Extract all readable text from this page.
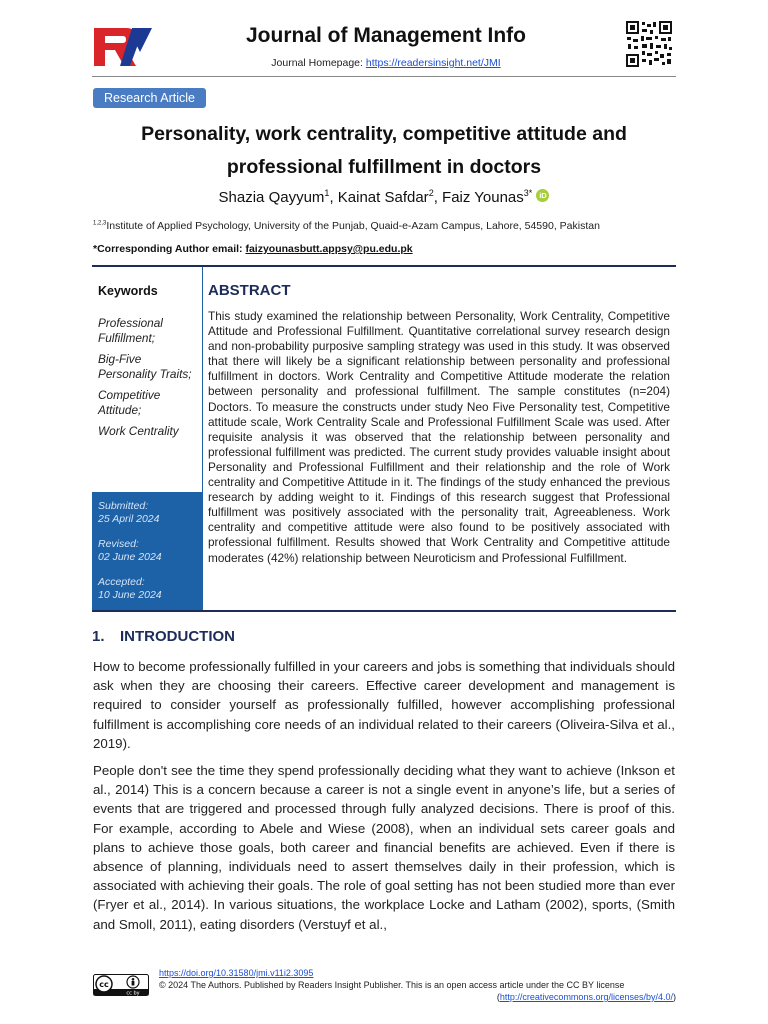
Journal of Management Info
Journal Homepage: https://readersinsight.net/JMI
Research Article
Personality, work centrality, competitive attitude and professional fulfillment in doctors
Shazia Qayyum$^1$, Kainat Safdar$^2$, Faiz Younas$^{3*}$ iD
$^{1,2,3}$Institute of Applied Psychology, University of the Punjab, Quaid-e-Azam Campus, Lahore, 54590, Pakistan
*Corresponding Author email: faizyounasbutt.appsy@pu.edu.pk
Keywords
Professional Fulfillment;
Big-Five Personality Traits;
Competitive Attitude;
Work Centrality
Submitted:
25 April 2024
Revised:
02 June 2024
Accepted:
10 June 2024
ABSTRACT
This study examined the relationship between Personality, Work Centrality, Competitive Attitude and Professional Fulfillment. Quantitative correlational survey research design and non-probability purposive sampling strategy was used in this study. It was observed that there will likely be a significant relationship between personality and professional fulfillment in doctors. Work Centrality and Competitive Attitude moderate the relation between personality and professional fulfillment. The sample constitutes (n=204) Doctors. To measure the constructs under study Neo Five Personality test, Competitive attitude scale, Work Centrality Scale and Professional Fulfillment Scale was used. After requisite analysis it was observed that the relationship between personality and professional fulfillment was predicted. The current study provides valuable insight about Personality and Professional Fulfillment and their relationship and the role of Work centrality and Competitive Attitude in it. The findings of the study enhanced the previous research by adding weight to it. Findings of this research suggest that Professional fulfillment was positively associated with the personality trait, Agreeableness. Work centrality and competitive attitude were also found to be positively associated with professional fulfillment. Results showed that Work Centrality and Competitive attitude moderates (42%) relationship between Neuroticism and Professional Fulfillment.
1. INTRODUCTION
How to become professionally fulfilled in your careers and jobs is something that individuals should ask when they are choosing their careers. Effective career development and management is required to consider yourself as professionally fulfilled, however accomplishing professional fulfillment is accomplishing core needs of an individual related to their careers (Oliveira-Silva et al., 2019).
People don't see the time they spend professionally deciding what they want to achieve (Inkson et al., 2014) This is a concern because a career is not a single event in anyone’s life, but a series of events that are triggered and processed through fully analyzed decisions. There is proof of this. For example, according to Abele and Wiese (2008), when an individual sets career goals and plans to achieve those goals, both career and financial benefits are achieved. Even if there is absence of planning, individuals need to assert themselves daily in their profession, which is associated with achieving their goals. The role of goal setting has not been studied more than ever (Fryer et al., 2014). In various situations, the workplace Locke and Latham (2002), sports, (Smith and Smoll, 2011), eating disorders (Verstuyf et al.,
cc
cc by
https://doi.org/10.31580/jmi.v11i2.3095
© 2024 The Authors. Published by Readers Insight Publisher. This is an open access article under the CC BY license
(http://creativecommons.org/licenses/by/4.0/)
